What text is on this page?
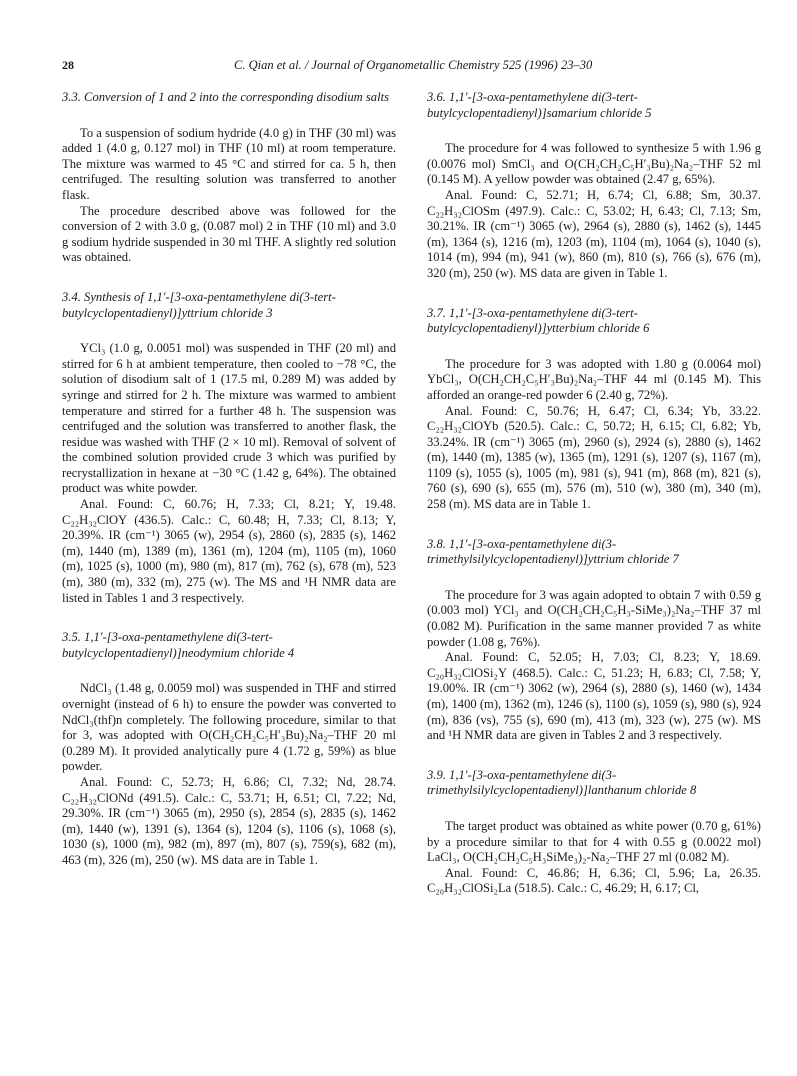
28	C. Qian et al. / Journal of Organometallic Chemistry 525 (1996) 23–30
3.3. Conversion of 1 and 2 into the corresponding disodium salts

To a suspension of sodium hydride (4.0 g) in THF (30 ml) was added 1 (4.0 g, 0.127 mol) in THF (10 ml) at room temperature. The mixture was warmed to 45 °C and stirred for ca. 5 h, then centrifuged. The resulting solution was transferred to another flask.

The procedure described above was followed for the conversion of 2 with 3.0 g, (0.087 mol) 2 in THF (10 ml) and 3.0 g sodium hydride suspended in 30 ml THF. A slightly red solution was obtained.

3.4. Synthesis of 1,1′-[3-oxa-pentamethylene di(3-tert-butylcyclopentadienyl)]yttrium chloride 3

YCl₃ (1.0 g, 0.0051 mol) was suspended in THF (20 ml) and stirred for 6 h at ambient temperature, then cooled to −78 °C, the solution of disodium salt of 1 (17.5 ml, 0.289 M) was added by syringe and stirred for 2 h. The mixture was warmed to ambient temperature and stirred for a further 48 h. The suspension was centrifuged and the solution was transferred to another flask, the residue was washed with THF (2 × 10 ml). Removal of solvent of the combined solution provided crude 3 which was purified by recrystallization in hexane at −30 °C (1.42 g, 64%). The obtained product was white powder.

Anal. Found: C, 60.76; H, 7.33; Cl, 8.21; Y, 19.48. C₂₂H₃₂ClOY (436.5). Calc.: C, 60.48; H, 7.33; Cl, 8.13; Y, 20.39%. IR (cm⁻¹) 3065 (w), 2954 (s), 2860 (s), 2835 (s), 1462 (m), 1440 (m), 1389 (m), 1361 (m), 1204 (m), 1105 (m), 1060 (m), 1025 (s), 1000 (m), 980 (m), 817 (m), 762 (s), 678 (m), 523 (m), 380 (m), 332 (m), 275 (w). The MS and ¹H NMR data are listed in Tables 1 and 3 respectively.

3.5. 1,1′-[3-oxa-pentamethylene di(3-tert-butylcyclopentadienyl)]neodymium chloride 4

NdCl₃ (1.48 g, 0.0059 mol) was suspended in THF and stirred overnight (instead of 6 h) to ensure the powder was converted to NdCl₃(thf)n completely. The following procedure, similar to that for 3, was adopted with O(CH₂CH₂C₅H′₃Bu)₂Na₂–THF 20 ml (0.289 M). It provided analytically pure 4 (1.72 g, 59%) as blue powder.

Anal. Found: C, 52.73; H, 6.86; Cl, 7.32; Nd, 28.74. C₂₂H₃₂ClONd (491.5). Calc.: C, 53.71; H, 6.51; Cl, 7.22; Nd, 29.30%. IR (cm⁻¹) 3065 (m), 2950 (s), 2854 (s), 2835 (s), 1462 (m), 1440 (w), 1391 (s), 1364 (s), 1204 (s), 1106 (s), 1068 (s), 1030 (s), 1000 (m), 982 (m), 897 (m), 807 (s), 759(s), 682 (m), 463 (m), 326 (m), 250 (w). MS data are in Table 1.

3.6. 1,1′-[3-oxa-pentamethylene di(3-tert-butylcyclopentadienyl)]samarium chloride 5

The procedure for 4 was followed to synthesize 5 with 1.96 g (0.0076 mol) SmCl₃ and O(CH₂CH₂C₅H′₃Bu)₂Na₂–THF 52 ml (0.145 M). A yellow powder was obtained (2.47 g, 65%).

Anal. Found: C, 52.71; H, 6.74; Cl, 6.88; Sm, 30.37. C₂₂H₃₂ClOSm (497.9). Calc.: C, 53.02; H, 6.43; Cl, 7.13; Sm, 30.21%. IR (cm⁻¹) 3065 (w), 2964 (s), 2880 (s), 1462 (s), 1445 (m), 1364 (s), 1216 (m), 1203 (m), 1104 (m), 1064 (s), 1040 (s), 1014 (m), 994 (m), 941 (w), 860 (m), 810 (s), 766 (s), 676 (m), 320 (m), 250 (w). MS data are given in Table 1.

3.7. 1,1′-[3-oxa-pentamethylene di(3-tert-butylcyclopentadienyl)]ytterbium chloride 6

The procedure for 3 was adopted with 1.80 g (0.0064 mol) YbCl₃, O(CH₂CH₂C₅H′₃Bu)₂Na₂–THF 44 ml (0.145 M). This afforded an orange-red powder 6 (2.40 g, 72%).

Anal. Found: C, 50.76; H, 6.47; Cl, 6.34; Yb, 33.22. C₂₂H₃₂ClOYb (520.5). Calc.: C, 50.72; H, 6.15; Cl, 6.82; Yb, 33.24%. IR (cm⁻¹) 3065 (m), 2960 (s), 2924 (s), 2880 (s), 1462 (m), 1440 (m), 1385 (w), 1365 (m), 1291 (s), 1207 (s), 1167 (m), 1109 (s), 1055 (s), 1005 (m), 981 (s), 941 (m), 868 (m), 821 (s), 760 (s), 690 (s), 655 (m), 576 (m), 510 (w), 380 (m), 340 (m), 258 (m). MS data are in Table 1.

3.8. 1,1′-[3-oxa-pentamethylene di(3-trimethylsilylcyclopentadienyl)]yttrium chloride 7

The procedure for 3 was again adopted to obtain 7 with 0.59 g (0.003 mol) YCl₃ and O(CH₂CH₂C₅H₃-SiMe₃)₂Na₂–THF 37 ml (0.082 M). Purification in the same manner provided 7 as white powder (1.08 g, 76%).

Anal. Found: C, 52.05; H, 7.03; Cl, 8.23; Y, 18.69. C₂₀H₃₂ClOSi₂Y (468.5). Calc.: C, 51.23; H, 6.83; Cl, 7.58; Y, 19.00%. IR (cm⁻¹) 3062 (w), 2964 (s), 2880 (s), 1460 (w), 1434 (m), 1400 (m), 1362 (m), 1246 (s), 1100 (s), 1059 (s), 980 (s), 924 (m), 836 (vs), 755 (s), 690 (m), 413 (m), 323 (w), 275 (w). MS and ¹H NMR data are given in Tables 2 and 3 respectively.

3.9. 1,1′-[3-oxa-pentamethylene di(3-trimethylsilylcyclopentadienyl)]lanthanum chloride 8

The target product was obtained as white power (0.70 g, 61%) by a procedure similar to that for 4 with 0.55 g (0.0022 mol) LaCl₃, O(CH₂CH₂C₅H₃SiMe₃)₂-Na₂–THF 27 ml (0.082 M).

Anal. Found: C, 46.86; H, 6.36; Cl, 5.96; La, 26.35. C₂₀H₃₂ClOSi₂La (518.5). Calc.: C, 46.29; H, 6.17; Cl,
